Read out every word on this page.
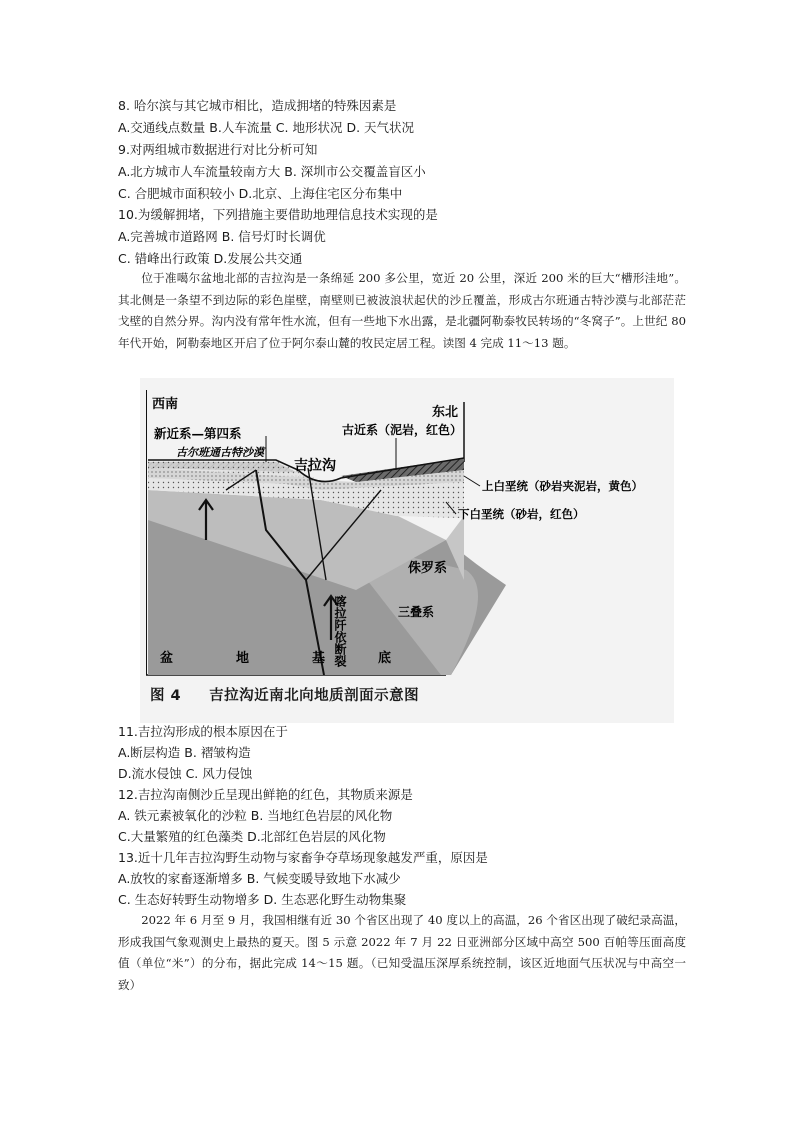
8. 哈尔滨与其它城市相比，造成拥堵的特殊因素是
A.交通线点数量 B.人车流量 C. 地形状况 D. 天气状况
9.对两组城市数据进行对比分析可知
A.北方城市人车流量较南方大 B. 深圳市公交覆盖盲区小
C. 合肥城市面积较小 D.北京、上海住宅区分布集中
10.为缓解拥堵，下列措施主要借助地理信息技术实现的是
A.完善城市道路网 B. 信号灯时长调优
C. 错峰出行政策 D.发展公共交通
位于准噶尔盆地北部的吉拉沟是一条绵延 200 多公里，宽近 20 公里，深近 200 米的巨大“槽形洼地”。其北侧是一条望不到边际的彩色崖壁，南壁则已被波浪状起伏的沙丘覆盖，形成古尔班通古特沙漠与北部茫茫戈壁的自然分界。沟内没有常年性水流，但有一些地下水出露，是北疆阿勒泰牧民转场的“冬窝子”。上世纪 80 年代开始，阿勒泰地区开启了位于阿尔泰山麓的牧民定居工程。读图 4 完成 11～13 题。
西南
东北
新近系—第四系
古尔班通古特沙漠
吉拉沟
古近系（泥岩，红色）
上白垩统（砂岩夹泥岩，黄色）
下白垩统（砂岩，红色）
侏罗系
三叠系
喀拉阡依断裂
盆	地	基	底
图 4 吉拉沟近南北向地质剖面示意图
11.吉拉沟形成的根本原因在于
A.断层构造 B. 褶皱构造
D.流水侵蚀 C. 风力侵蚀
12.吉拉沟南侧沙丘呈现出鲜艳的红色，其物质来源是
A. 铁元素被氧化的沙粒 B. 当地红色岩层的风化物
C.大量繁殖的红色藻类 D.北部红色岩层的风化物
13.近十几年吉拉沟野生动物与家畜争夺草场现象越发严重，原因是
A.放牧的家畜逐渐增多 B. 气候变暖导致地下水减少
C. 生态好转野生动物增多 D. 生态恶化野生动物集聚
2022 年 6 月至 9 月，我国相继有近 30 个省区出现了 40 度以上的高温，26 个省区出现了破纪录高温，形成我国气象观测史上最热的夏天。图 5 示意 2022 年 7 月 22 日亚洲部分区域中高空 500 百帕等压面高度值（单位“米”）的分布，据此完成 14～15 题。（已知受温压深厚系统控制，该区近地面气压状况与中高空一致）
